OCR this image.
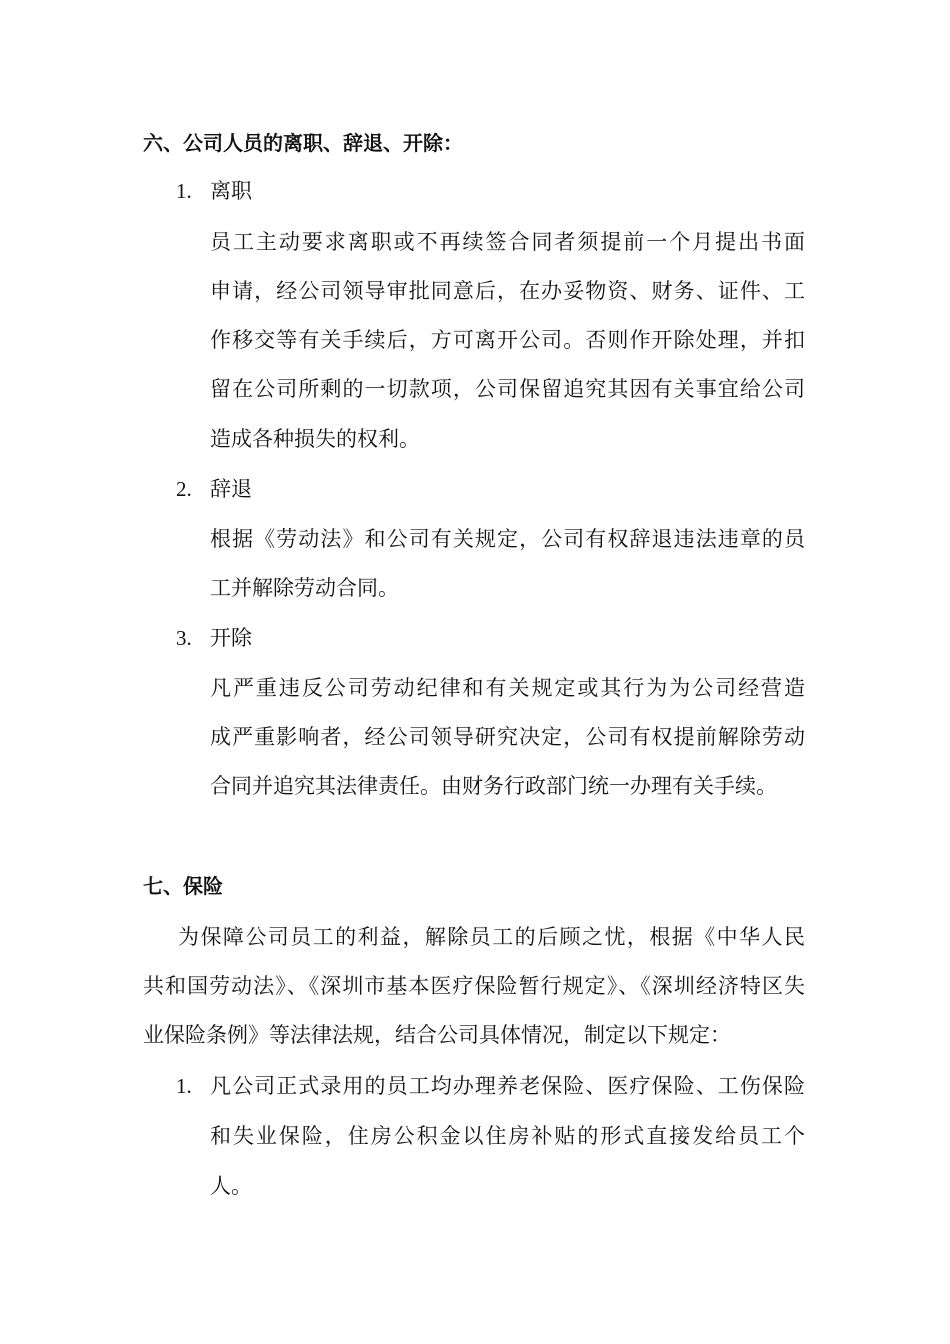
六、公司人员的离职、辞退、开除：
1. 离职
员工主动要求离职或不再续签合同者须提前一个月提出书面
申请，经公司领导审批同意后，在办妥物资、财务、证件、工
作移交等有关手续后，方可离开公司。否则作开除处理，并扣
留在公司所剩的一切款项，公司保留追究其因有关事宜给公司
造成各种损失的权利。
2. 辞退
根据《劳动法》和公司有关规定，公司有权辞退违法违章的员
工并解除劳动合同。
3. 开除
凡严重违反公司劳动纪律和有关规定或其行为为公司经营造
成严重影响者，经公司领导研究决定，公司有权提前解除劳动
合同并追究其法律责任。由财务行政部门统一办理有关手续。
七、保险
为保障公司员工的利益，解除员工的后顾之忧，根据《中华人民
共和国劳动法》、《深圳市基本医疗保险暂行规定》、《深圳经济特区失
业保险条例》等法律法规，结合公司具体情况，制定以下规定：
1. 凡公司正式录用的员工均办理养老保险、医疗保险、工伤保险
和失业保险，住房公积金以住房补贴的形式直接发给员工个
人。
